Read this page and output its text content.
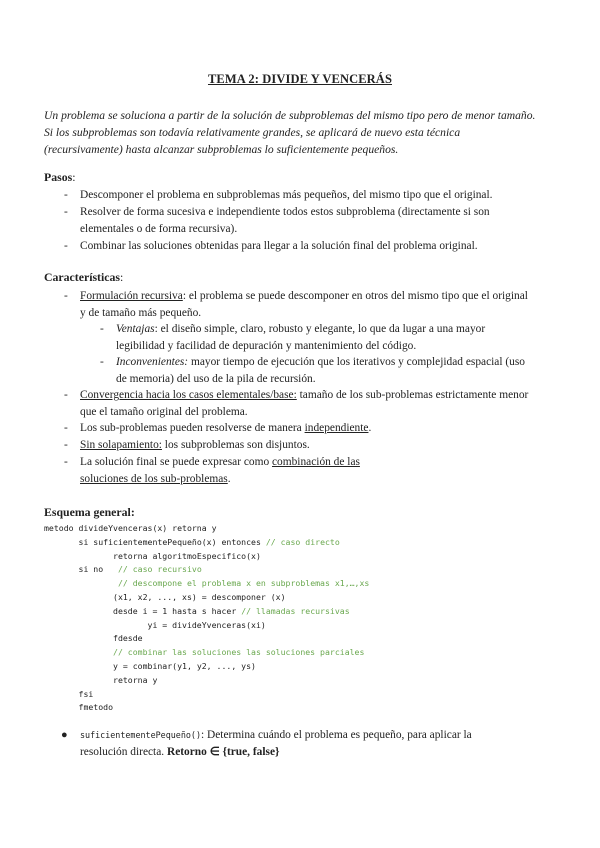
TEMA 2: DIVIDE Y VENCERÁS
Un problema se soluciona a partir de la solución de subproblemas del mismo tipo pero de menor tamaño.
Si los subproblemas son todavía relativamente grandes, se aplicará de nuevo esta técnica
(recursivamente) hasta alcanzar subproblemas lo suficientemente pequeños.
Pasos:
- Descomponer el problema en subproblemas más pequeños, del mismo tipo que el original.
- Resolver de forma sucesiva e independiente todos estos subproblema (directamente si son
elementales o de forma recursiva).
- Combinar las soluciones obtenidas para llegar a la solución final del problema original.
Características:
- Formulación recursiva: el problema se puede descomponer en otros del mismo tipo que el original
y de tamaño más pequeño.
- Ventajas: el diseño simple, claro, robusto y elegante, lo que da lugar a una mayor
legibilidad y facilidad de depuración y mantenimiento del código.
- Inconvenientes: mayor tiempo de ejecución que los iterativos y complejidad espacial (uso
de memoria) del uso de la pila de recursión.
- Convergencia hacia los casos elementales/base: tamaño de los sub-problemas estrictamente menor
que el tamaño original del problema.
- Los sub-problemas pueden resolverse de manera independiente.
- Sin solapamiento: los subproblemas son disjuntos.
- La solución final se puede expresar como combinación de las
soluciones de los sub-problemas.
Esquema general:
metodo divideYvenceras(x) retorna y
si suficientementePequeño(x) entonces // caso directo
retorna algoritmoEspecifico(x)
si no   // caso recursivo
// descompone el problema x en subproblemas x1,…,xs
(x1, x2, ..., xs) = descomponer (x)
desde i = 1 hasta s hacer // llamadas recursivas
yi = divideYvenceras(xi)
fdesde
// combinar las soluciones las soluciones parciales
y = combinar(y1, y2, ..., ys)
retorna y
fsi
fmetodo
● suficientementePequeño(): Determina cuándo el problema es pequeño, para aplicar la
resolución directa. Retorno ∈ {true, false}
